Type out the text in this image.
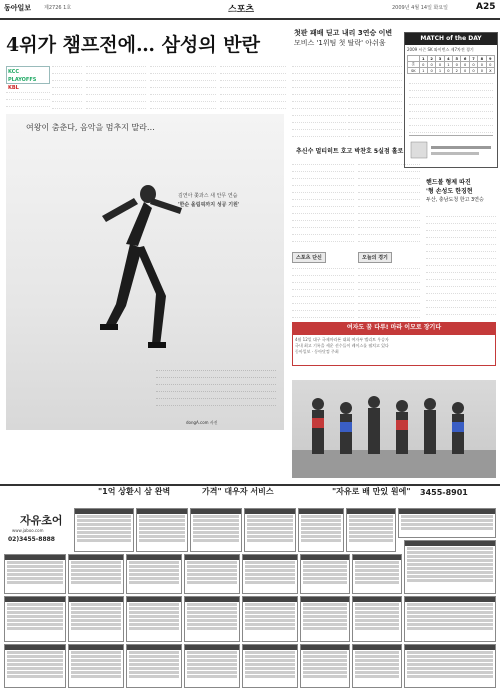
동아일보	제2726 1호	스포츠	2009년 4월 14일 화요일	A25
4위가 챔프전에… 삼성의 반란
첫판 패배 딛고 내리 3연승 이변
모비스 '1위팀 첫 탈락' 아쉬움
KCC PLAYOFFS
KBL
MATCH of the DAY
2009 시즌 SK 와이번스 제7차전 경기
	1	2	3	4	5	6	7	8	9
롯	0	0	0	1	0	0	0	0	0
SK	1	0	1	0	2	0	0	0	X
추신수 멀티히트 호고 박찬호 5실점 홀로
스포츠 단신	오늘의 경기
핸드볼 형제 따진
'형 손성도 한징현
두산, 충남도청 한고 3연승
여왕이 춤춘다, 음악을 멈추지 말라…
김연아 쫓과스 새 안무 연습
'한순 올림픽까지 성공 기원'
dongA.com 사진
여자도 꿈 다루! 마라 이모로 장기다
4월 12일 대구 국제마라톤 대회 여자부 엘리트 우승자
국내 최고 기록을 세운 선수들이 레이스를 펼치고 있다
동아일보 · 동아닷컴 주최
"1억 상환시 삼 완벽	가격" 대우자 서비스	"자유로 배 만있 원에" 3455-8901
자유초어
www.jaboo.com
02)3455-8888
